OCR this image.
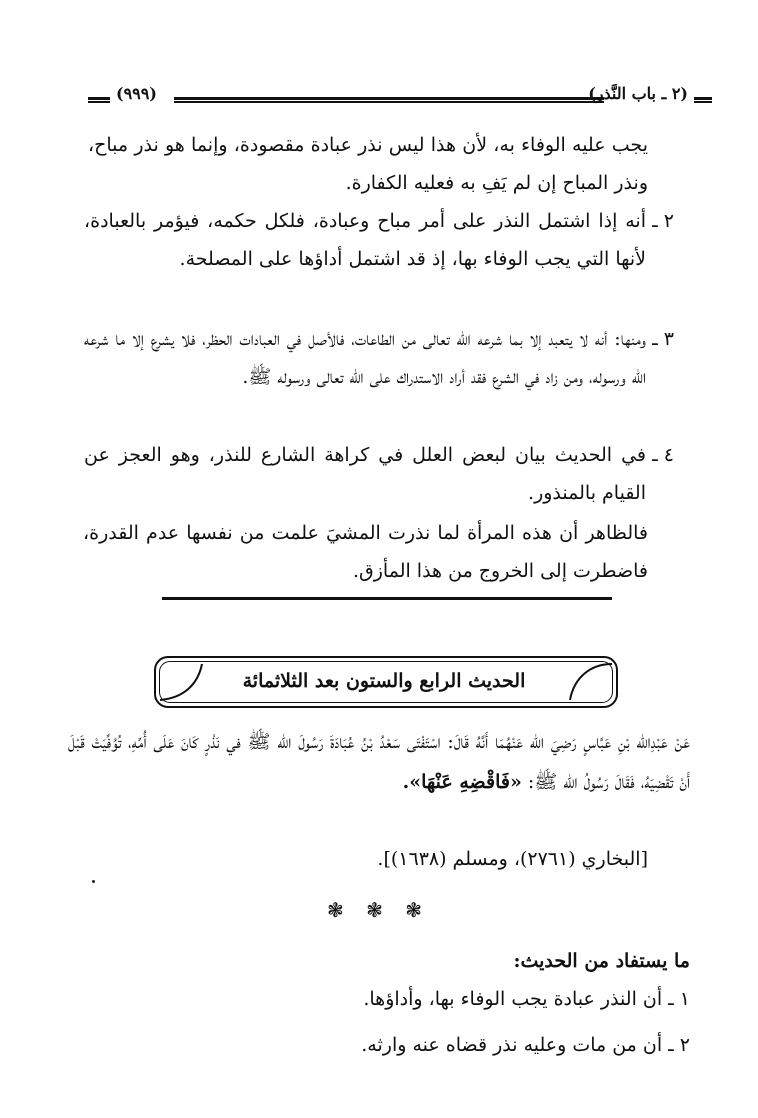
(٢ ـ باب النَّذر)
(٩٩٩)
يجب عليه الوفاء به، لأن هذا ليس نذر عبادة مقصودة، وإنما هو نذر مباح، ونذر المباح إن لم يَفِ به فعليه الكفارة.
٢ ـ
أنه إذا اشتمل النذر على أمر مباح وعبادة، فلكل حكمه، فيؤمر بالعبادة، لأنها التي يجب الوفاء بها، إذ قد اشتمل أداؤها على المصلحة.
٣ ـ
ومنها: أنه لا يتعبد إلا بما شرعه الله تعالى من الطاعات، فالأصل في العبادات الحظر، فلا يشرع إلا ما شرعه الله ورسوله، ومن زاد في الشرع فقد أراد الاستدراك على الله تعالى ورسوله ﷺ.
٤ ـ
في الحديث بيان لبعض العلل في كراهة الشارع للنذر، وهو العجز عن القيام بالمنذور.
فالظاهر أن هذه المرأة لما نذرت المشيَ علمت من نفسها عدم القدرة، فاضطرت إلى الخروج من هذا المأزق.
الحديث الرابع والستون بعد الثلاثمائة
عَنْ عَبْدِالله بْنِ عَبَّاسٍ رَضِيَ الله عَنْهُمَا أَنَّهُ قَالَ: اسْتَفْتَى سَعْدُ بْنُ عُبَادَةَ رَسُولَ الله ﷺ في نَذْرٍ كَانَ عَلَى أُمِّهِ، تُوُفِّيَتْ قَبْلَ أَنْ تَقْضِيَهُ، فَقَالَ رَسُولُ الله ﷺ: «فَاقْضِهِ عَنْهَا».
[البخاري (٢٧٦١)، ومسلم (١٦٣٨)].
❃ ❃ ❃
ما يستفاد من الحديث:
١ ـ أن النذر عبادة يجب الوفاء بها، وأداؤها.
٢ ـ أن من مات وعليه نذر قضاه عنه وارثه.
